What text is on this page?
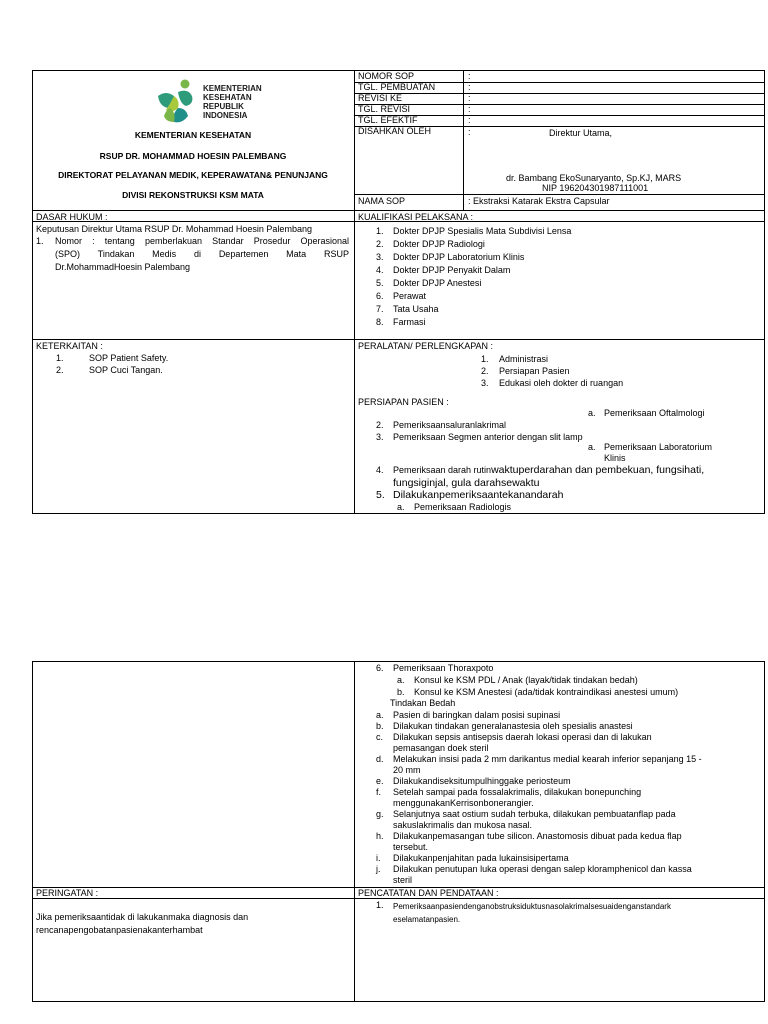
KEMENTERIAN
KESEHATAN
REPUBLIK
INDONESIA
KEMENTERIAN KESEHATAN
RSUP DR. MOHAMMAD HOESIN PALEMBANG
DIREKTORAT PELAYANAN MEDIK, KEPERAWATAN& PENUNJANG
DIVISI REKONSTRUKSI KSM MATA
NOMOR SOP	:
TGL. PEMBUATAN	:
REVISI KE	:
TGL. REVISI	:
TGL. EFEKTIF	:
DISAHKAN OLEH	:	Direktur Utama,
dr. Bambang EkoSunaryanto, Sp.KJ, MARS
NIP 196204301987111001
NAMA SOP	: Ekstraksi Katarak Ekstra Capsular
DASAR HUKUM :
Keputusan Direktur Utama RSUP Dr. Mohammad Hoesin Palembang
1. Nomor : tentang pemberlakuan Standar Prosedur Operasional
(SPO) Tindakan Medis di Departemen Mata RSUP
Dr.MohammadHoesin Palembang
KUALIFIKASI PELAKSANA :
1. Dokter DPJP Spesialis Mata Subdivisi Lensa
2. Dokter DPJP Radiologi
3. Dokter DPJP Laboratorium Klinis
4. Dokter DPJP Penyakit Dalam
5. Dokter DPJP Anestesi
6. Perawat
7. Tata Usaha
8. Farmasi
KETERKAITAN :
1.	SOP Patient Safety.
2.	SOP Cuci Tangan.
PERALATAN/ PERLENGKAPAN :
1. Administrasi
2. Persiapan Pasien
3. Edukasi oleh dokter di ruangan
PERSIAPAN PASIEN :
a. Pemeriksaan Oftalmologi
2. Pemeriksaansaluranlakrimal
3. Pemeriksaan Segmen anterior dengan slit lamp
a. Pemeriksaan Laboratorium
Klinis
4. Pemeriksaan darah rutinwaktuperdarahan dan pembekuan, fungsihati,
fungsiginjal, gula darahsewaktu
5. Dilakukanpemeriksaantekanandarah
a. Pemeriksaan Radiologis
6. Pemeriksaan Thoraxpoto
a. Konsul ke KSM PDL / Anak (layak/tidak tindakan bedah)
b. Konsul ke KSM Anestesi (ada/tidak kontraindikasi anestesi umum)
Tindakan Bedah
a.	Pasien di baringkan dalam posisi supinasi
b.	Dilakukan tindakan generalanastesia oleh spesialis anastesi
c.	Dilakukan sepsis antisepsis daerah lokasi operasi dan di lakukan
pemasangan doek steril
d.	Melakukan insisi pada 2 mm darikantus medial kearah inferior sepanjang 15 -
20 mm
e.	Dilakukandiseksitumpulhinggake periosteum
f.	Setelah sampai pada fossalakrimalis, dilakukan bonepunching
menggunakanKerrisonbonerangier.
g.	Selanjutnya saat ostium sudah terbuka, dilakukan pembuatanflap pada
sakuslakrimalis dan mukosa nasal.
h.	Dilakukanpemasangan tube silicon. Anastomosis dibuat pada kedua flap
tersebut.
i.	Dilakukanpenjahitan pada lukainsisipertama
j.	Dilakukan penutupan luka operasi dengan salep kloramphenicol dan kassa
steril
PERINGATAN :
Jika pemeriksaantidak di lakukanmaka diagnosis dan
rencanapengobatanpasienakanterhambat
PENCATATAN DAN PENDATAAN :
1. Pemeriksaanpasiendenganobstruksiduktusnasolakrimalsesuaidenganstandark
eselamatanpasien.
